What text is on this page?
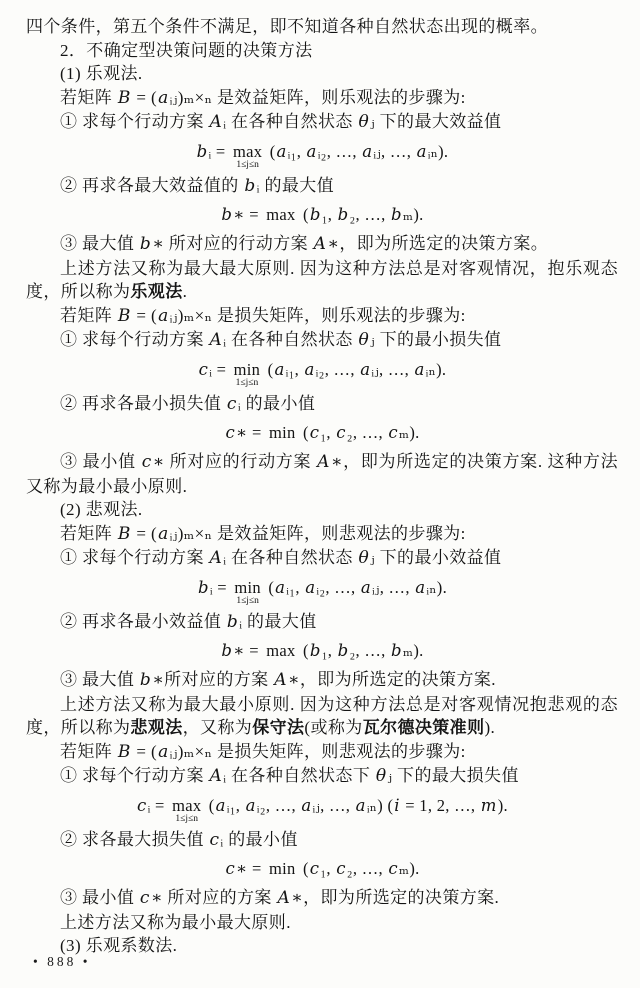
四个条件，第五个条件不满足，即不知道各种自然状态出现的概率。

2．不确定型决策问题的决策方法

(1) 乐观法.

若矩阵 B = (aᵢⱼ)ₘ×ₙ 是效益矩阵，则乐观法的步骤为:

① 求每个行动方案 Aᵢ 在各种自然状态 θⱼ 下的最大效益值

bᵢ = max
1≤j≤n
(aᵢ₁, aᵢ₂, …, aᵢⱼ, …, aᵢₙ).

② 再求各最大效益值的 bᵢ 的最大值

b∗ = max (b₁, b₂, …, bₘ).

③ 最大值 b∗ 所对应的行动方案 A∗，即为所选定的决策方案。

上述方法又称为最大最大原则. 因为这种方法总是对客观情况，抱乐观态度，所以称为乐观法.

若矩阵 B = (aᵢⱼ)ₘ×ₙ 是损失矩阵，则乐观法的步骤为:

① 求每个行动方案 Aᵢ 在各种自然状态 θⱼ 下的最小损失值

cᵢ = min
1≤j≤n
(aᵢ₁, aᵢ₂, …, aᵢⱼ, …, aᵢₙ).

② 再求各最小损失值 cᵢ 的最小值

c∗ = min (c₁, c₂, …, cₘ).

③ 最小值 c∗ 所对应的行动方案 A∗，即为所选定的决策方案. 这种方法又称为最小最小原则.

(2) 悲观法.

若矩阵 B = (aᵢⱼ)ₘ×ₙ 是效益矩阵，则悲观法的步骤为:

① 求每个行动方案 Aᵢ 在各种自然状态 θⱼ 下的最小效益值

bᵢ = min
1≤j≤n
(aᵢ₁, aᵢ₂, …, aᵢⱼ, …, aᵢₙ).

② 再求各最小效益值 bᵢ 的最大值

b∗ = max (b₁, b₂, …, bₘ).

③ 最大值 b∗所对应的方案 A∗，即为所选定的决策方案.

上述方法又称为最大最小原则. 因为这种方法总是对客观情况抱悲观的态度，所以称为悲观法，又称为保守法(或称为瓦尔德决策准则).

若矩阵 B = (aᵢⱼ)ₘ×ₙ 是损失矩阵，则悲观法的步骤为:

① 求每个行动方案 Aᵢ 在各种自然状态下 θⱼ 下的最大损失值

cᵢ = max
1≤j≤n
(aᵢ₁, aᵢ₂, …, aᵢⱼ, …, aᵢₙ) (i = 1, 2, …, m).

② 求各最大损失值 cᵢ 的最小值

c∗ = min (c₁, c₂, …, cₘ).

③ 最小值 c∗ 所对应的方案 A∗，即为所选定的决策方案.

上述方法又称为最小最大原则.

(3) 乐观系数法.

• 888 •
